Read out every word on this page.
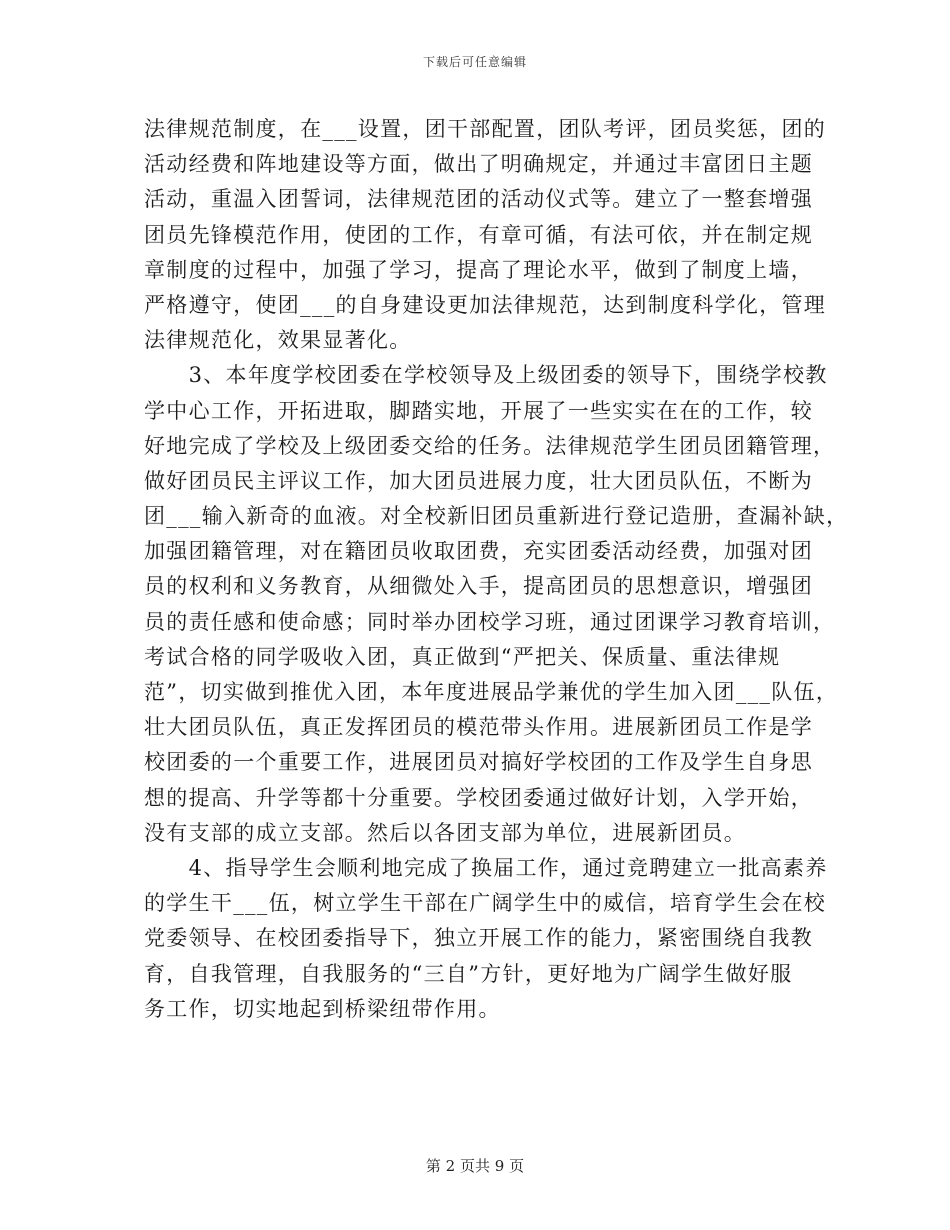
下载后可任意编辑
法律规范制度，在___设置，团干部配置，团队考评，团员奖惩，团的
活动经费和阵地建设等方面，做出了明确规定，并通过丰富团日主题
活动，重温入团誓词，法律规范团的活动仪式等。建立了一整套增强
团员先锋模范作用，使团的工作，有章可循，有法可依，并在制定规
章制度的过程中，加强了学习，提高了理论水平，做到了制度上墙，
严格遵守，使团___的自身建设更加法律规范，达到制度科学化，管理
法律规范化，效果显著化。
　　3、本年度学校团委在学校领导及上级团委的领导下，围绕学校教
学中心工作，开拓进取，脚踏实地，开展了一些实实在在的工作，较
好地完成了学校及上级团委交给的任务。法律规范学生团员团籍管理，
做好团员民主评议工作，加大团员进展力度，壮大团员队伍，不断为
团___输入新奇的血液。对全校新旧团员重新进行登记造册，查漏补缺，
加强团籍管理，对在籍团员收取团费，充实团委活动经费，加强对团
员的权利和义务教育，从细微处入手，提高团员的思想意识，增强团
员的责任感和使命感；同时举办团校学习班，通过团课学习教育培训，
考试合格的同学吸收入团，真正做到“严把关、保质量、重法律规
范”，切实做到推优入团，本年度进展品学兼优的学生加入团___队伍，
壮大团员队伍，真正发挥团员的模范带头作用。进展新团员工作是学
校团委的一个重要工作，进展团员对搞好学校团的工作及学生自身思
想的提高、升学等都十分重要。学校团委通过做好计划，入学开始，
没有支部的成立支部。然后以各团支部为单位，进展新团员。
　　4、指导学生会顺利地完成了换届工作，通过竞聘建立一批高素养
的学生干___伍，树立学生干部在广阔学生中的威信，培育学生会在校
党委领导、在校团委指导下，独立开展工作的能力，紧密围绕自我教
育，自我管理，自我服务的“三自”方针，更好地为广阔学生做好服
务工作，切实地起到桥梁纽带作用。
第 2 页共 9 页
